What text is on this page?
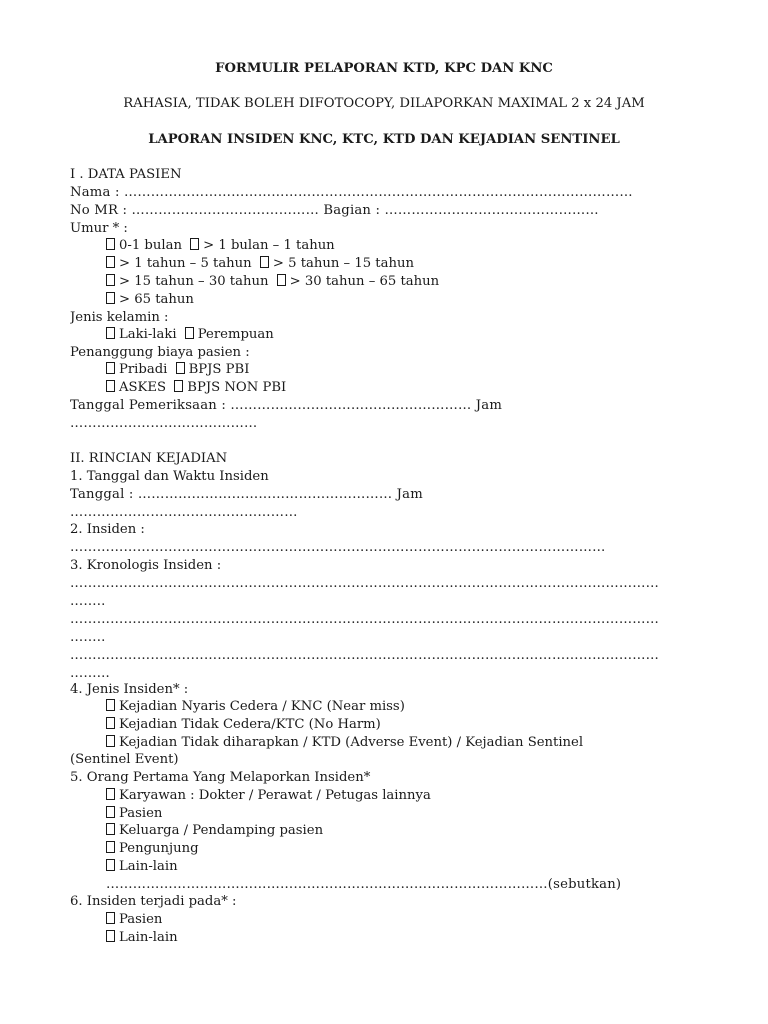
FORMULIR PELAPORAN KTD, KPC DAN KNC
RAHASIA, TIDAK BOLEH DIFOTOCOPY, DILAPORKAN MAXIMAL 2 x 24 JAM
LAPORAN INSIDEN KNC, KTC, KTD DAN KEJADIAN SENTINEL
I . DATA PASIEN
Nama : ……………………………………………………………………………………………………
No MR : …………………………………… Bagian : …………………………………………
Umur * :
0-1 bulan > 1 bulan – 1 tahun
> 1 tahun – 5 tahun > 5 tahun – 15 tahun
> 15 tahun – 30 tahun > 30 tahun – 65 tahun
> 65 tahun
Jenis kelamin :
Laki-laki Perempuan
Penanggung biaya pasien :
Pribadi BPJS PBI
ASKES BPJS NON PBI
Tanggal Pemeriksaan : ……………………………………………… Jam
……………………………………
II. RINCIAN KEJADIAN
1. Tanggal dan Waktu Insiden
Tanggal : ………………………………………………… Jam
……………………………………………
2. Insiden :
…………………………………………………………………………………………………………
3. Kronologis Insiden :
……………………………………………………………………………………………………………………
……..
……………………………………………………………………………………………………………………
……..
……………………………………………………………………………………………………………………
……...
4. Jenis Insiden* :
Kejadian Nyaris Cedera / KNC (Near miss)
Kejadian Tidak Cedera/KTC (No Harm)
Kejadian Tidak diharapkan / KTD (Adverse Event) / Kejadian Sentinel
(Sentinel Event)
5. Orang Pertama Yang Melaporkan Insiden*
Karyawan : Dokter / Perawat / Petugas lainnya
Pasien
Keluarga / Pendamping pasien
Pengunjung
Lain-lain
………………………………………………………………………………………(sebutkan)
6. Insiden terjadi pada* :
Pasien
Lain-lain
